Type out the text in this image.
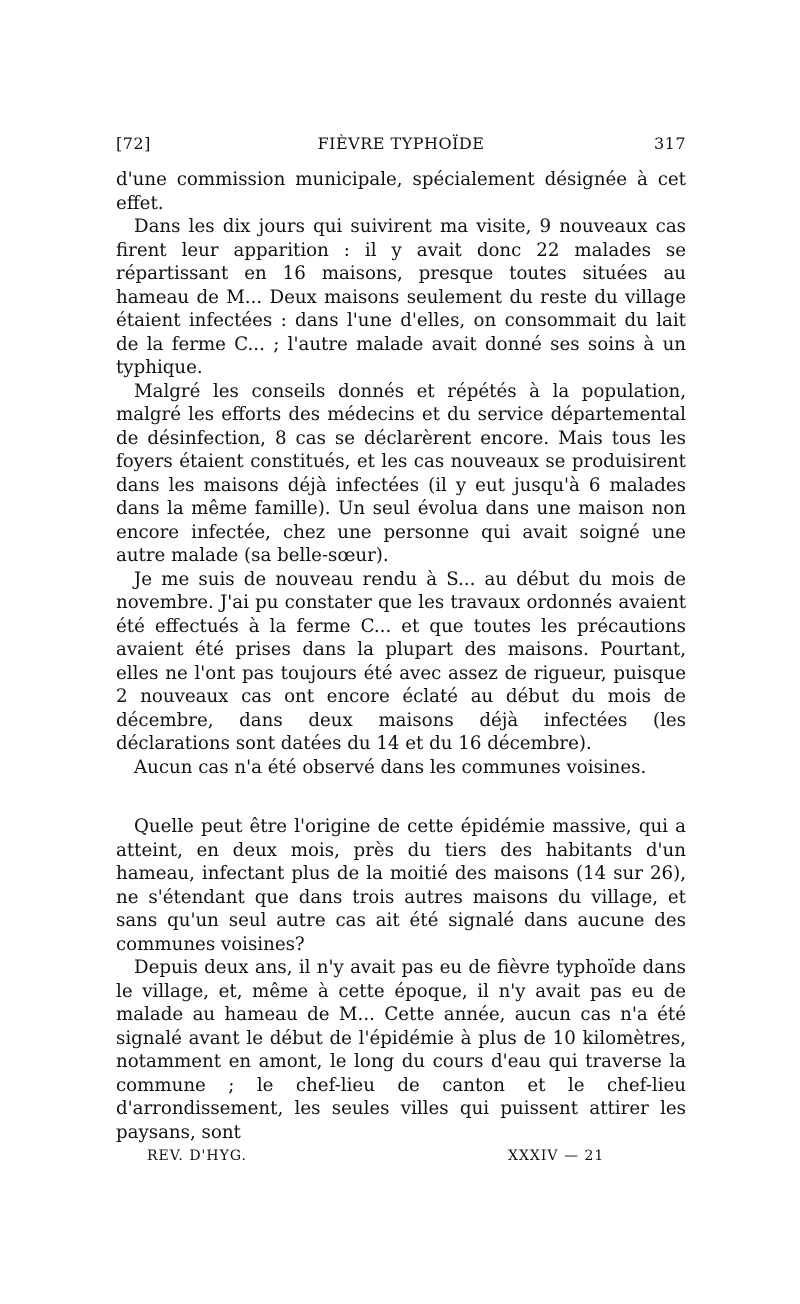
[72]	FIÈVRE TYPHOÏDE	317

d'une commission municipale, spécialement désignée à cet effet.

Dans les dix jours qui suivirent ma visite, 9 nouveaux cas firent leur apparition : il y avait donc 22 malades se répartissant en 16 maisons, presque toutes situées au hameau de M... Deux maisons seulement du reste du village étaient infectées : dans l'une d'elles, on consommait du lait de la ferme C... ; l'autre malade avait donné ses soins à un typhique.

Malgré les conseils donnés et répétés à la population, malgré les efforts des médecins et du service départemental de désinfection, 8 cas se déclarèrent encore. Mais tous les foyers étaient constitués, et les cas nouveaux se produisirent dans les maisons déjà infectées (il y eut jusqu'à 6 malades dans la même famille). Un seul évolua dans une maison non encore infectée, chez une personne qui avait soigné une autre malade (sa belle-sœur).

Je me suis de nouveau rendu à S... au début du mois de novembre. J'ai pu constater que les travaux ordonnés avaient été effectués à la ferme C... et que toutes les précautions avaient été prises dans la plupart des maisons. Pourtant, elles ne l'ont pas toujours été avec assez de rigueur, puisque 2 nouveaux cas ont encore éclaté au début du mois de décembre, dans deux maisons déjà infectées (les déclarations sont datées du 14 et du 16 décembre).

Aucun cas n'a été observé dans les communes voisines.

Quelle peut être l'origine de cette épidémie massive, qui a atteint, en deux mois, près du tiers des habitants d'un hameau, infectant plus de la moitié des maisons (14 sur 26), ne s'étendant que dans trois autres maisons du village, et sans qu'un seul autre cas ait été signalé dans aucune des communes voisines?

Depuis deux ans, il n'y avait pas eu de fièvre typhoïde dans le village, et, même à cette époque, il n'y avait pas eu de malade au hameau de M... Cette année, aucun cas n'a été signalé avant le début de l'épidémie à plus de 10 kilomètres, notamment en amont, le long du cours d'eau qui traverse la commune ; le chef-lieu de canton et le chef-lieu d'arrondissement, les seules villes qui puissent attirer les paysans, sont

REV. D'HYG.	XXXIV — 21
